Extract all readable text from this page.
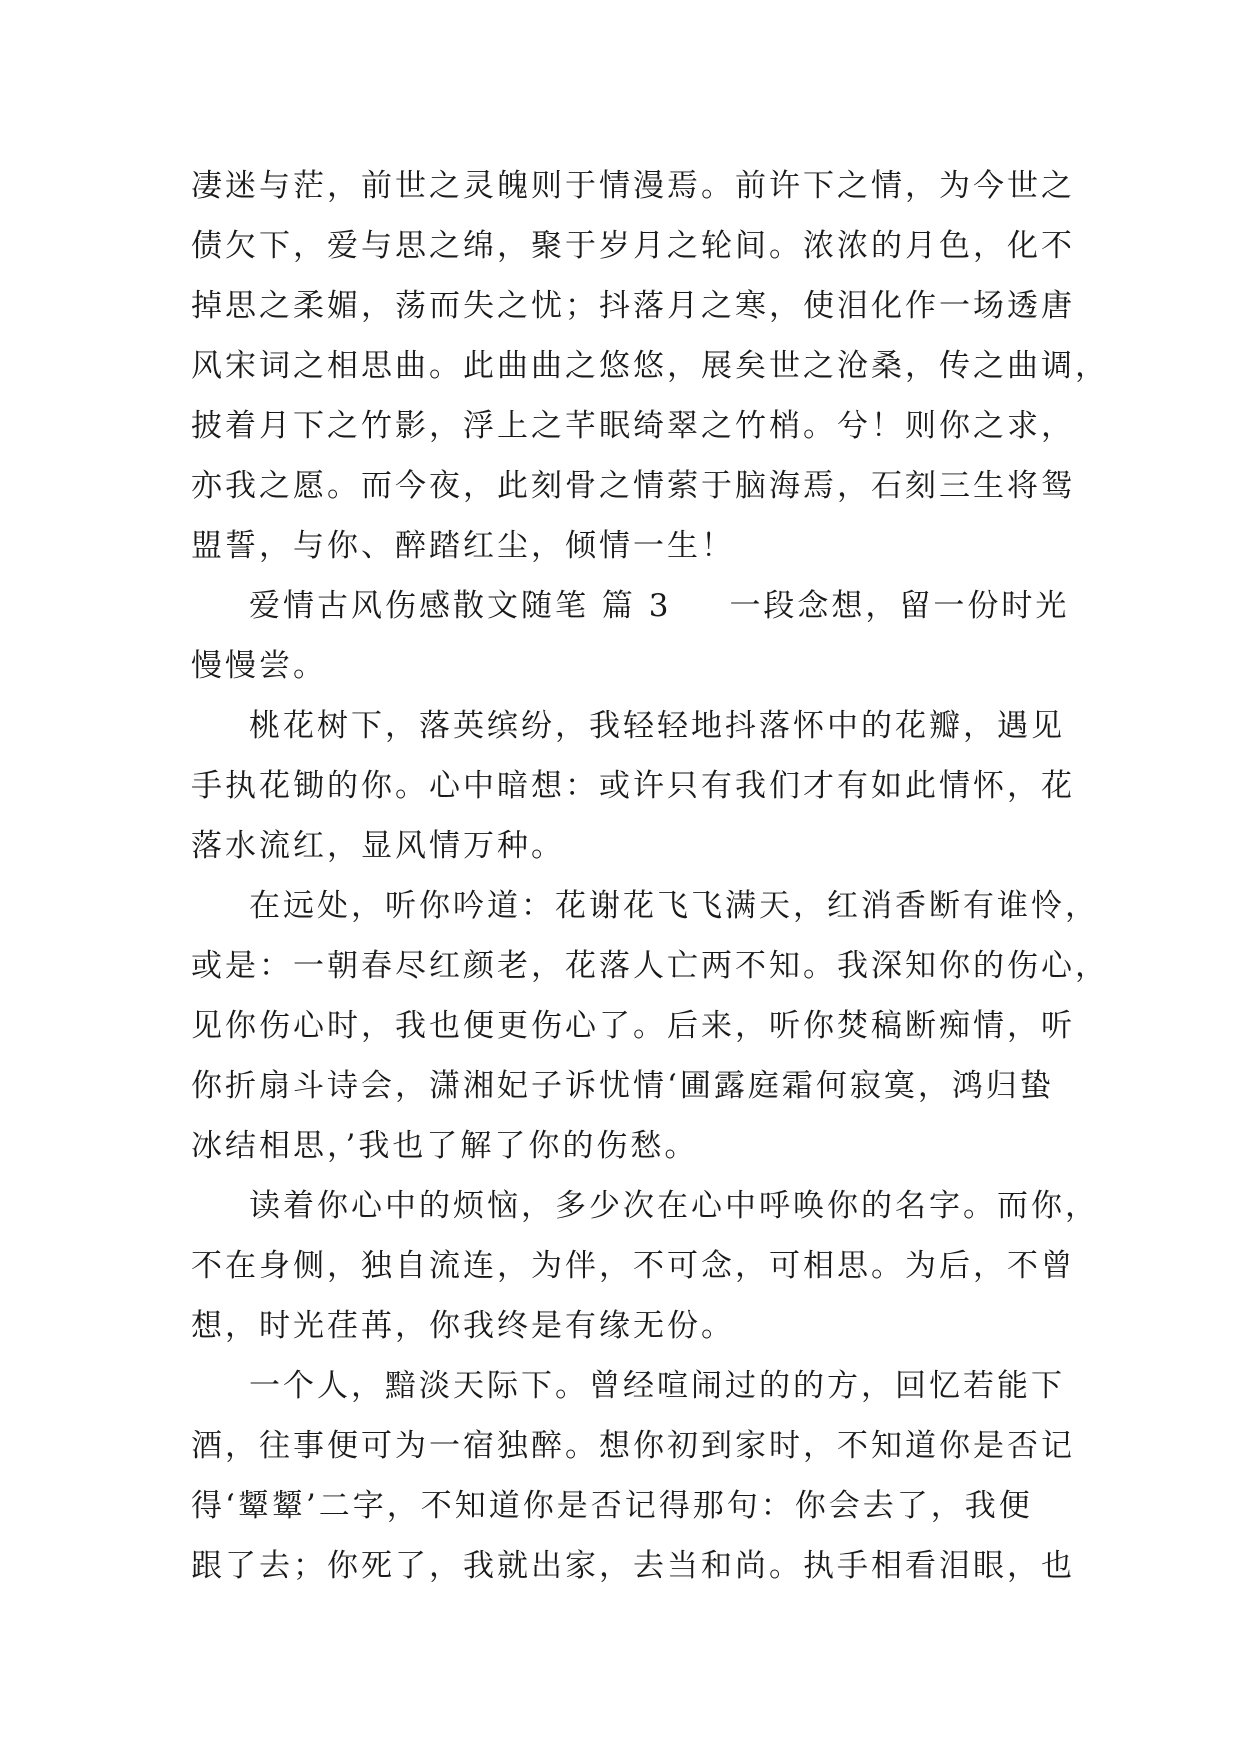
凄迷与茫，前世之灵魄则于情漫焉。前许下之情，为今世之
债欠下，爱与思之绵，聚于岁月之轮间。浓浓的月色，化不
掉思之柔媚，荡而失之忧；抖落月之寒，使泪化作一场透唐
风宋词之相思曲。此曲曲之悠悠，展矣世之沧桑，传之曲调，
披着月下之竹影，浮上之芊眠绮翠之竹梢。兮！则你之求，
亦我之愿。而今夜，此刻骨之情萦于脑海焉，石刻三生将鸳
盟誓，与你、醉踏红尘，倾情一生！
爱情古风伤感散文随笔 篇 3 一段念想，留一份时光
慢慢尝。
桃花树下，落英缤纷，我轻轻地抖落怀中的花瓣，遇见
手执花锄的你。心中暗想：或许只有我们才有如此情怀，花
落水流红，显风情万种。
在远处，听你吟道：花谢花飞飞满天，红消香断有谁怜，
或是：一朝春尽红颜老，花落人亡两不知。我深知你的伤心，
见你伤心时，我也便更伤心了。后来，听你焚稿断痴情，听
你折扇斗诗会，潇湘妃子诉忧情‘圃露庭霜何寂寞，鸿归蛰
冰结相思，’我也了解了你的伤愁。
读着你心中的烦恼，多少次在心中呼唤你的名字。而你，
不在身侧，独自流连，为伴，不可念，可相思。为后，不曾
想，时光荏苒，你我终是有缘无份。
一个人，黯淡天际下。曾经喧闹过的的方，回忆若能下
酒，往事便可为一宿独醉。想你初到家时，不知道你是否记
得‘颦颦’二字，不知道你是否记得那句：你会去了，我便
跟了去；你死了，我就出家，去当和尚。执手相看泪眼，也
